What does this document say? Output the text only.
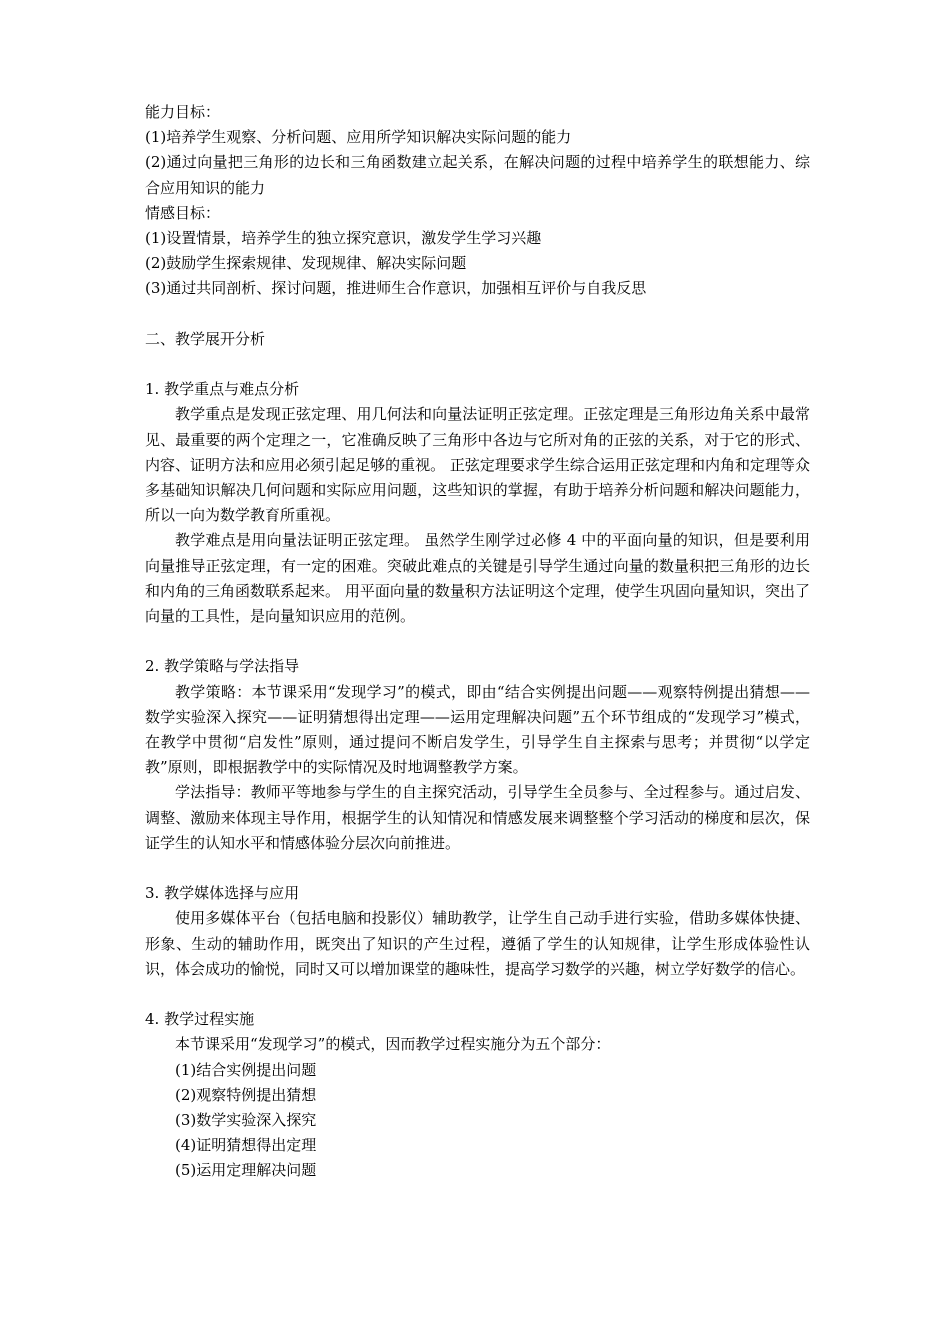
能力目标：
(1)培养学生观察、分析问题、应用所学知识解决实际问题的能力

(2)通过向量把三角形的边长和三角函数建立起关系，在解决问题的过程中培养学生的联想能力、综合应用知识的能力

情感目标：
(1)设置情景，培养学生的独立探究意识，激发学生学习兴趣
(2)鼓励学生探索规律、发现规律、解决实际问题
(3)通过共同剖析、探讨问题，推进师生合作意识，加强相互评价与自我反思
二、教学展开分析
1. 教学重点与难点分析

教学重点是发现正弦定理、用几何法和向量法证明正弦定理。正弦定理是三角形边角关系中最常见、最重要的两个定理之一，它准确反映了三角形中各边与它所对角的正弦的关系，对于它的形式、内容、证明方法和应用必须引起足够的重视。 正弦定理要求学生综合运用正弦定理和内角和定理等众多基础知识解决几何问题和实际应用问题，这些知识的掌握，有助于培养分析问题和解决问题能力，所以一向为数学教育所重视。

教学难点是用向量法证明正弦定理。 虽然学生刚学过必修 4 中的平面向量的知识，但是要利用向量推导正弦定理，有一定的困难。突破此难点的关键是引导学生通过向量的数量积把三角形的边长和内角的三角函数联系起来。 用平面向量的数量积方法证明这个定理，使学生巩固向量知识，突出了向量的工具性，是向量知识应用的范例。

2. 教学策略与学法指导

教学策略：本节课采用“发现学习”的模式，即由“结合实例提出问题——观察特例提出猜想——数学实验深入探究——证明猜想得出定理——运用定理解决问题”五个环节组成的“发现学习”模式，在教学中贯彻“启发性”原则，通过提问不断启发学生，引导学生自主探索与思考；并贯彻“以学定教”原则，即根据教学中的实际情况及时地调整教学方案。

学法指导：教师平等地参与学生的自主探究活动，引导学生全员参与、全过程参与。通过启发、调整、激励来体现主导作用，根据学生的认知情况和情感发展来调整整个学习活动的梯度和层次，保证学生的认知水平和情感体验分层次向前推进。

3. 教学媒体选择与应用

使用多媒体平台（包括电脑和投影仪）辅助教学，让学生自己动手进行实验，借助多媒体快捷、形象、生动的辅助作用，既突出了知识的产生过程，遵循了学生的认知规律，让学生形成体验性认识，体会成功的愉悦，同时又可以增加课堂的趣味性，提高学习数学的兴趣，树立学好数学的信心。

4. 教学过程实施

本节课采用“发现学习”的模式，因而教学过程实施分为五个部分：

(1)结合实例提出问题
(2)观察特例提出猜想
(3)数学实验深入探究
(4)证明猜想得出定理
(5)运用定理解决问题
